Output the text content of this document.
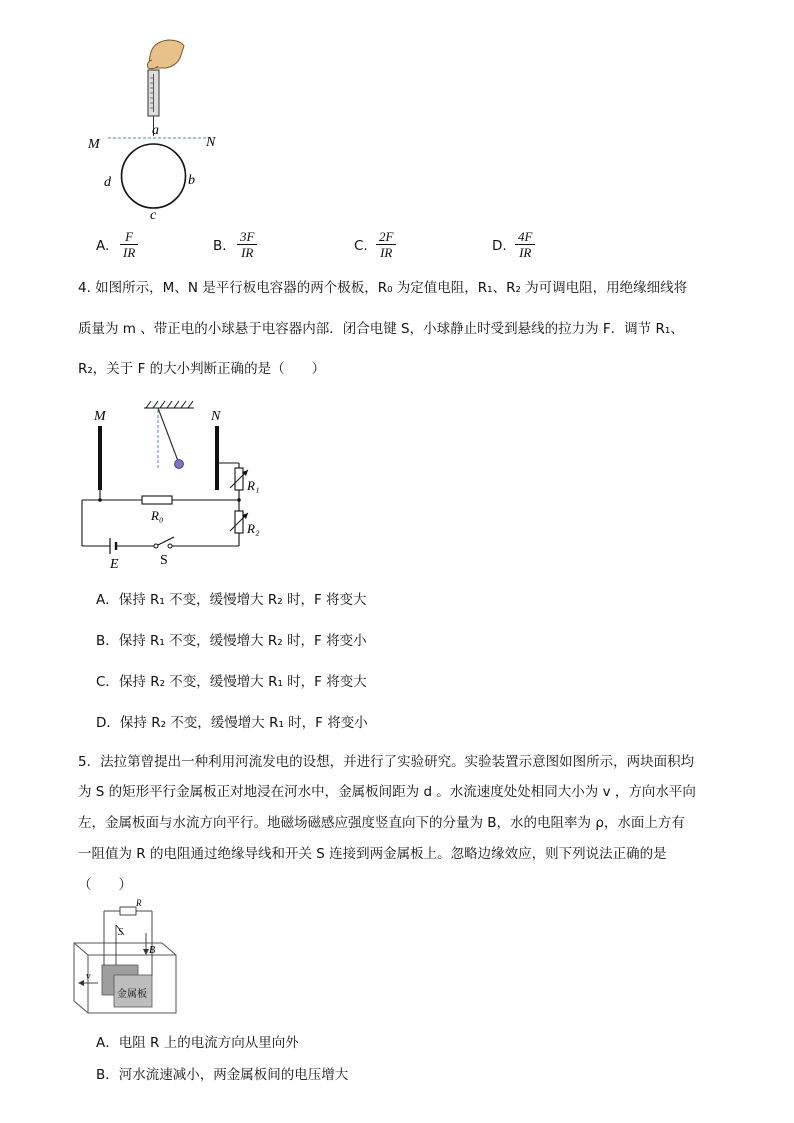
M	N
a
b
c
d
A. $\frac{F}{IR}$	B. $\frac{3F}{IR}$	C. $\frac{2F}{IR}$	D. $\frac{4F}{IR}$
4. 如图所示，M、N 是平行板电容器的两个极板，R₀ 为定值电阻，R₁、R₂ 为可调电阻，用绝缘细线将
质量为 m 、带正电的小球悬于电容器内部．闭合电键 S，小球静止时受到悬线的拉力为 F．调节 R₁、
R₂，关于 F 的大小判断正确的是（　　）
M	N
R₀
R₁
R₂
E	S
A．保持 R₁ 不变，缓慢增大 R₂ 时，F 将变大
B．保持 R₁ 不变，缓慢增大 R₂ 时，F 将变小
C．保持 R₂ 不变，缓慢增大 R₁ 时，F 将变大
D．保持 R₂ 不变，缓慢增大 R₁ 时，F 将变小
5．法拉第曾提出一种利用河流发电的设想，并进行了实验研究。实验装置示意图如图所示，两块面积均
为 S 的矩形平行金属板正对地浸在河水中，金属板间距为 d 。水流速度处处相同大小为 v ，方向水平向
左，金属板面与水流方向平行。地磁场磁感应强度竖直向下的分量为 B，水的电阻率为 ρ，水面上方有
一阻值为 R 的电阻通过绝缘导线和开关 S 连接到两金属板上。忽略边缘效应，则下列说法正确的是
（　　）
金属板
R
S
B
v
A．电阻 R 上的电流方向从里向外
B．河水流速减小，两金属板间的电压增大
